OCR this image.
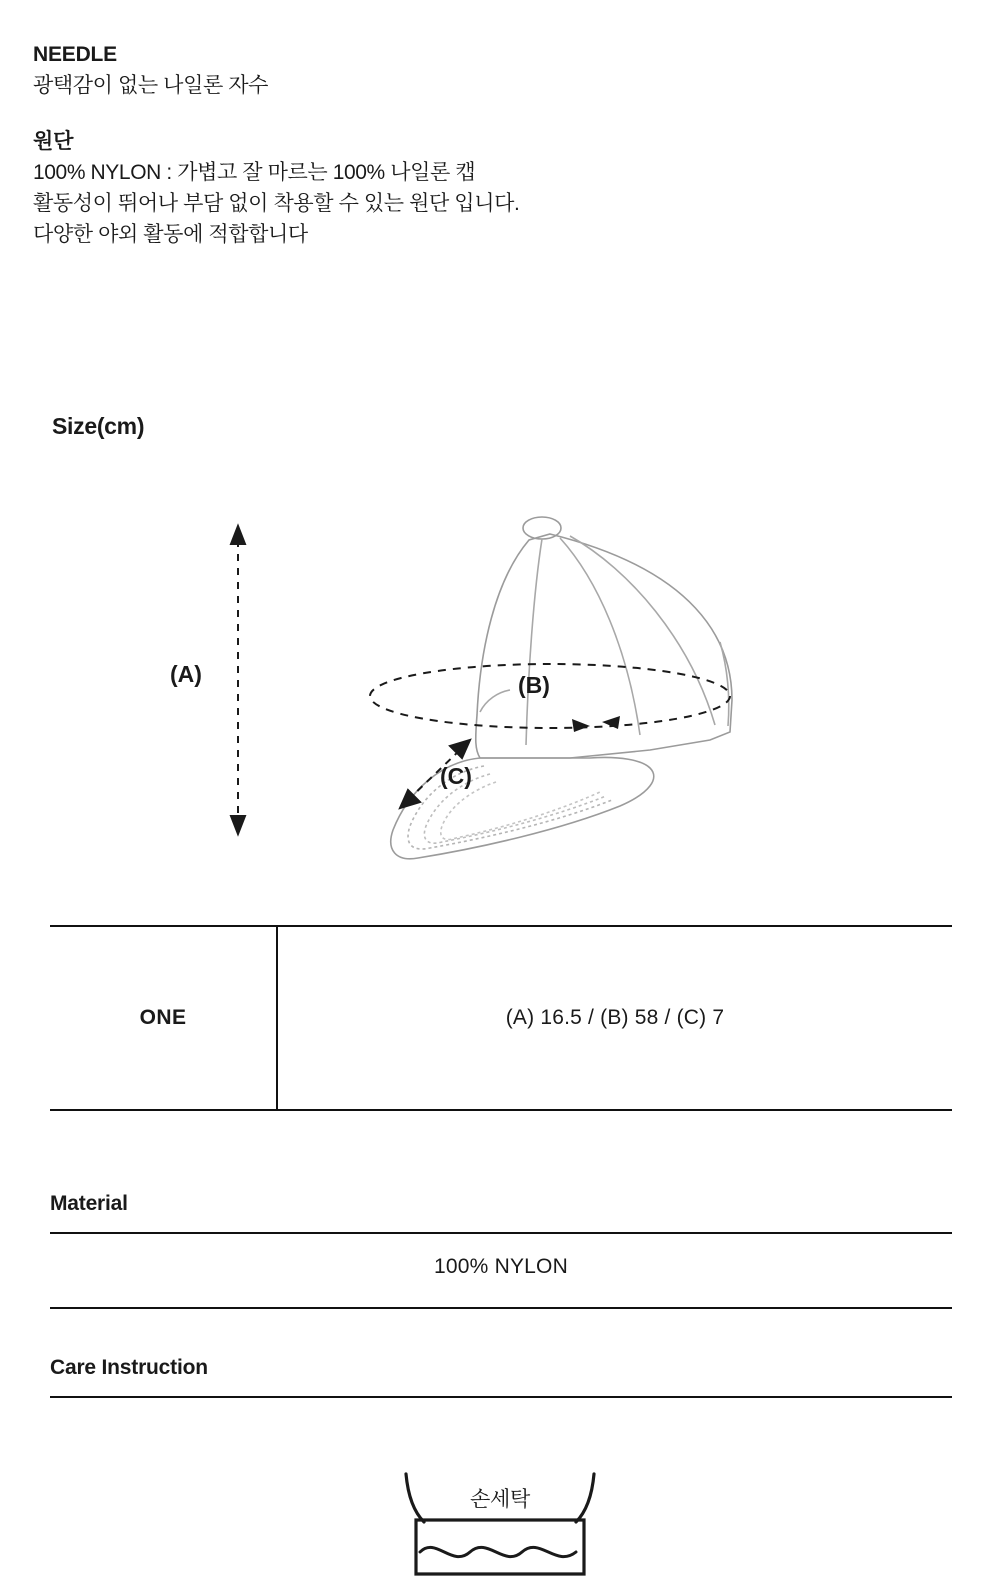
NEEDLE
광택감이 없는 나일론 자수
원단
100% NYLON : 가볍고 잘 마르는 100% 나일론 캡
활동성이 뛰어나 부담 없이 착용할 수 있는 원단 입니다.
다양한 야외 활동에 적합합니다
Size(cm)
(A)	(B)
(C)
ONE	(A) 16.5 / (B) 58 / (C) 7
Material
100% NYLON
Care Instruction
손세탁
